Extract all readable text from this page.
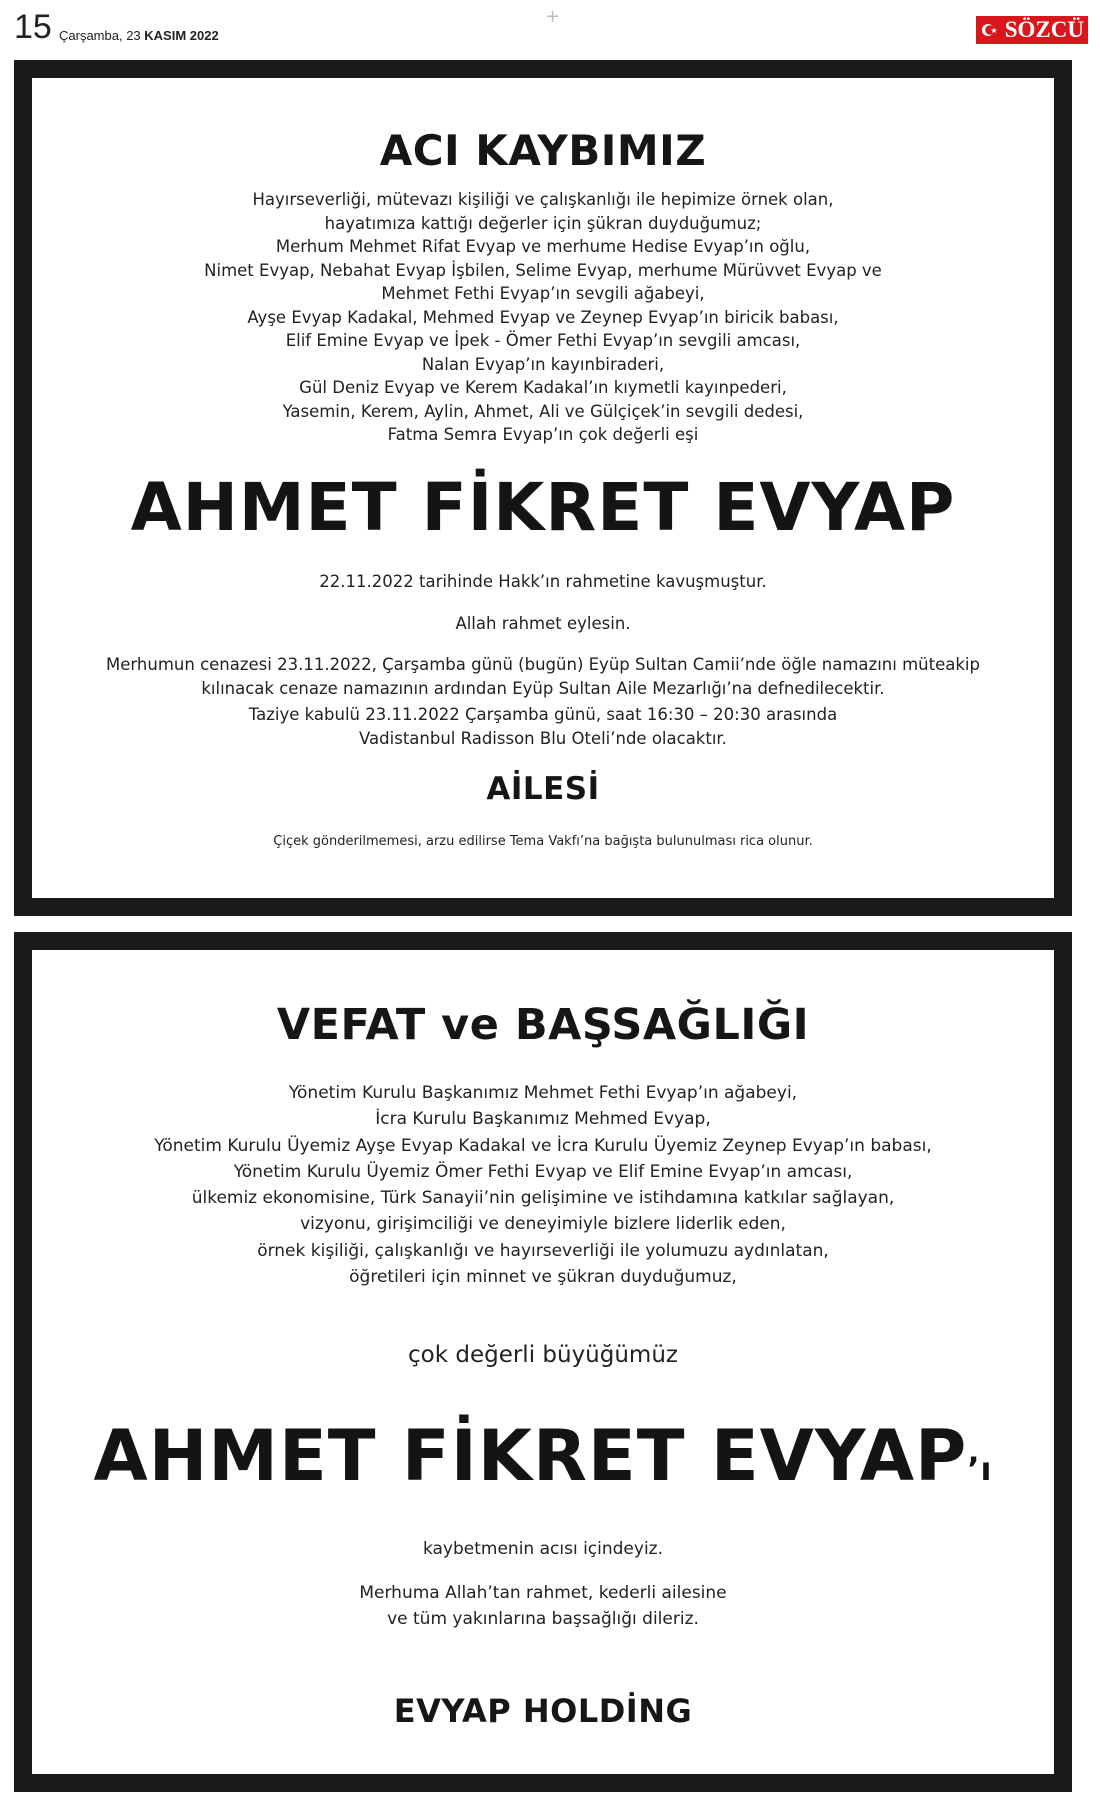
15 Çarşamba, 23 KASIM 2022
+
SÖZCÜ
ACI KAYBIMIZ
Hayırseverliği, mütevazı kişiliği ve çalışkanlığı ile hepimize örnek olan,
hayatımıza kattığı değerler için şükran duyduğumuz;
Merhum Mehmet Rifat Evyap ve merhume Hedise Evyap’ın oğlu,
Nimet Evyap, Nebahat Evyap İşbilen, Selime Evyap, merhume Mürüvvet Evyap ve
Mehmet Fethi Evyap’ın sevgili ağabeyi,
Ayşe Evyap Kadakal, Mehmed Evyap ve Zeynep Evyap’ın biricik babası,
Elif Emine Evyap ve İpek - Ömer Fethi Evyap’ın sevgili amcası,
Nalan Evyap’ın kayınbiraderi,
Gül Deniz Evyap ve Kerem Kadakal’ın kıymetli kayınpederi,
Yasemin, Kerem, Aylin, Ahmet, Ali ve Gülçiçek’in sevgili dedesi,
Fatma Semra Evyap’ın çok değerli eşi
AHMET FİKRET EVYAP
22.11.2022 tarihinde Hakk’ın rahmetine kavuşmuştur.
Allah rahmet eylesin.
Merhumun cenazesi 23.11.2022, Çarşamba günü (bugün) Eyüp Sultan Camii’nde öğle namazını müteakip
kılınacak cenaze namazının ardından Eyüp Sultan Aile Mezarlığı’na defnedilecektir.
Taziye kabulü 23.11.2022 Çarşamba günü, saat 16:30 – 20:30 arasında
Vadistanbul Radisson Blu Oteli’nde olacaktır.
AİLESİ
Çiçek gönderilmemesi, arzu edilirse Tema Vakfı’na bağışta bulunulması rica olunur.
VEFAT ve BAŞSAĞLIĞI
Yönetim Kurulu Başkanımız Mehmet Fethi Evyap’ın ağabeyi,
İcra Kurulu Başkanımız Mehmed Evyap,
Yönetim Kurulu Üyemiz Ayşe Evyap Kadakal ve İcra Kurulu Üyemiz Zeynep Evyap’ın babası,
Yönetim Kurulu Üyemiz Ömer Fethi Evyap ve Elif Emine Evyap’ın amcası,
ülkemiz ekonomisine, Türk Sanayii’nin gelişimine ve istihdamına katkılar sağlayan,
vizyonu, girişimciliği ve deneyimiyle bizlere liderlik eden,
örnek kişiliği, çalışkanlığı ve hayırseverliği ile yolumuzu aydınlatan,
öğretileri için minnet ve şükran duyduğumuz,
çok değerli büyüğümüz
AHMET FİKRET EVYAP’ı
kaybetmenin acısı içindeyiz.
Merhuma Allah’tan rahmet, kederli ailesine
ve tüm yakınlarına başsağlığı dileriz.
EVYAP HOLDİNG
